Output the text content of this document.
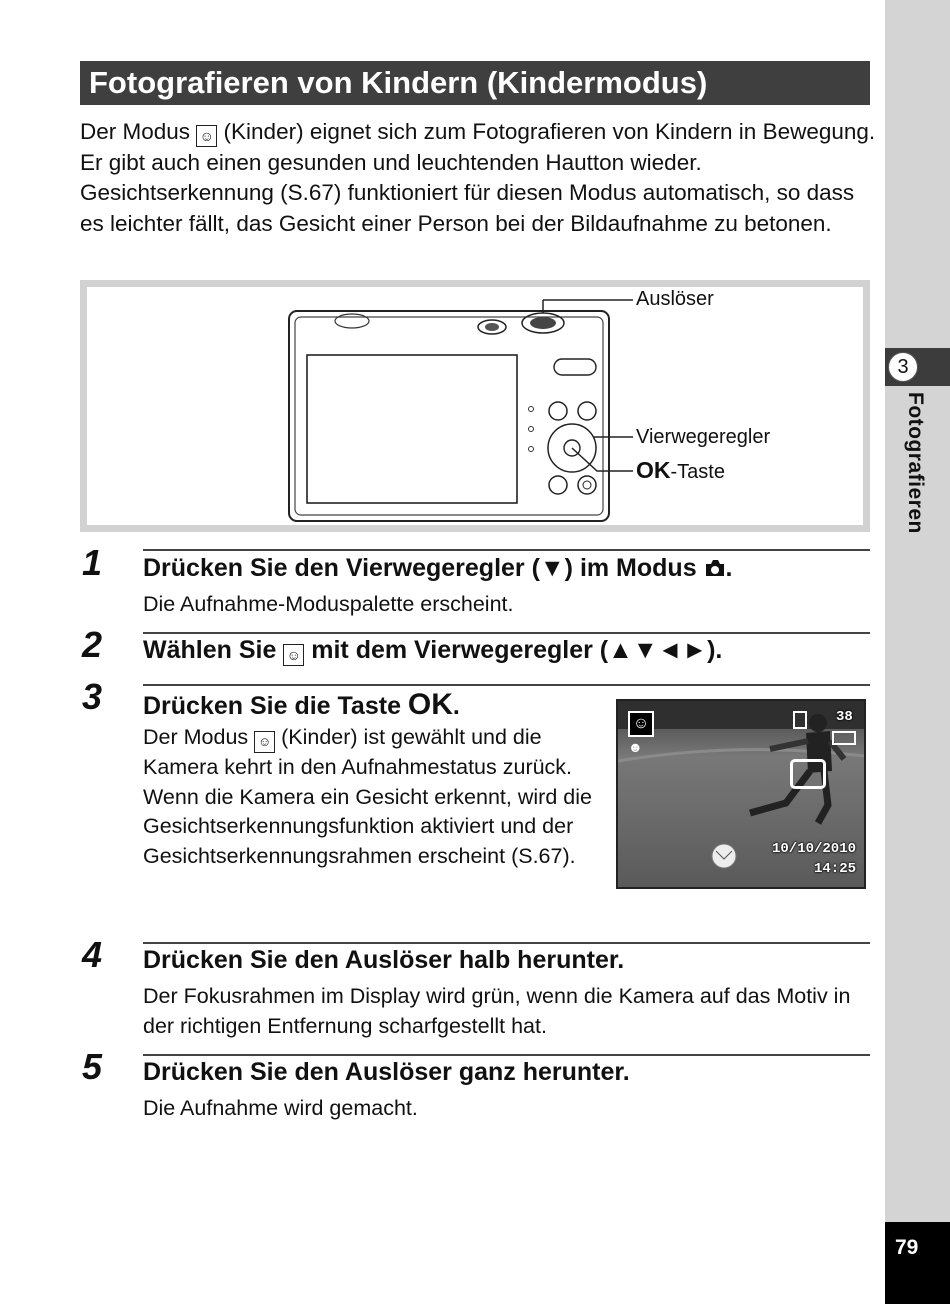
3
Fotografieren
79
Fotografieren von Kindern (Kindermodus)
Der Modus ☺ (Kinder) eignet sich zum Fotografieren von Kindern in Bewegung. Er gibt auch einen gesunden und leuchtenden Hautton wieder. Gesichtserkennung (S.67) funktioniert für diesen Modus automatisch, so dass es leichter fällt, das Gesicht einer Person bei der Bildaufnahme zu betonen.
Auslöser
Vierwegeregler
OK-Taste
1 Drücken Sie den Vierwegeregler (▼) im Modus .
Die Aufnahme-Moduspalette erscheint.
2 Wählen Sie ☺ mit dem Vierwegeregler (▲▼◄►).
3 Drücken Sie die Taste OK.
Der Modus ☺ (Kinder) ist gewählt und die Kamera kehrt in den Aufnahmestatus zurück. Wenn die Kamera ein Gesicht erkennt, wird die Gesichtserkennungsfunktion aktiviert und der Gesichtserkennungsrahmen erscheint (S.67).
☺
☻
38
10/10/2010
14:25
4 Drücken Sie den Auslöser halb herunter.
Der Fokusrahmen im Display wird grün, wenn die Kamera auf das Motiv in der richtigen Entfernung scharfgestellt hat.
5 Drücken Sie den Auslöser ganz herunter.
Die Aufnahme wird gemacht.
